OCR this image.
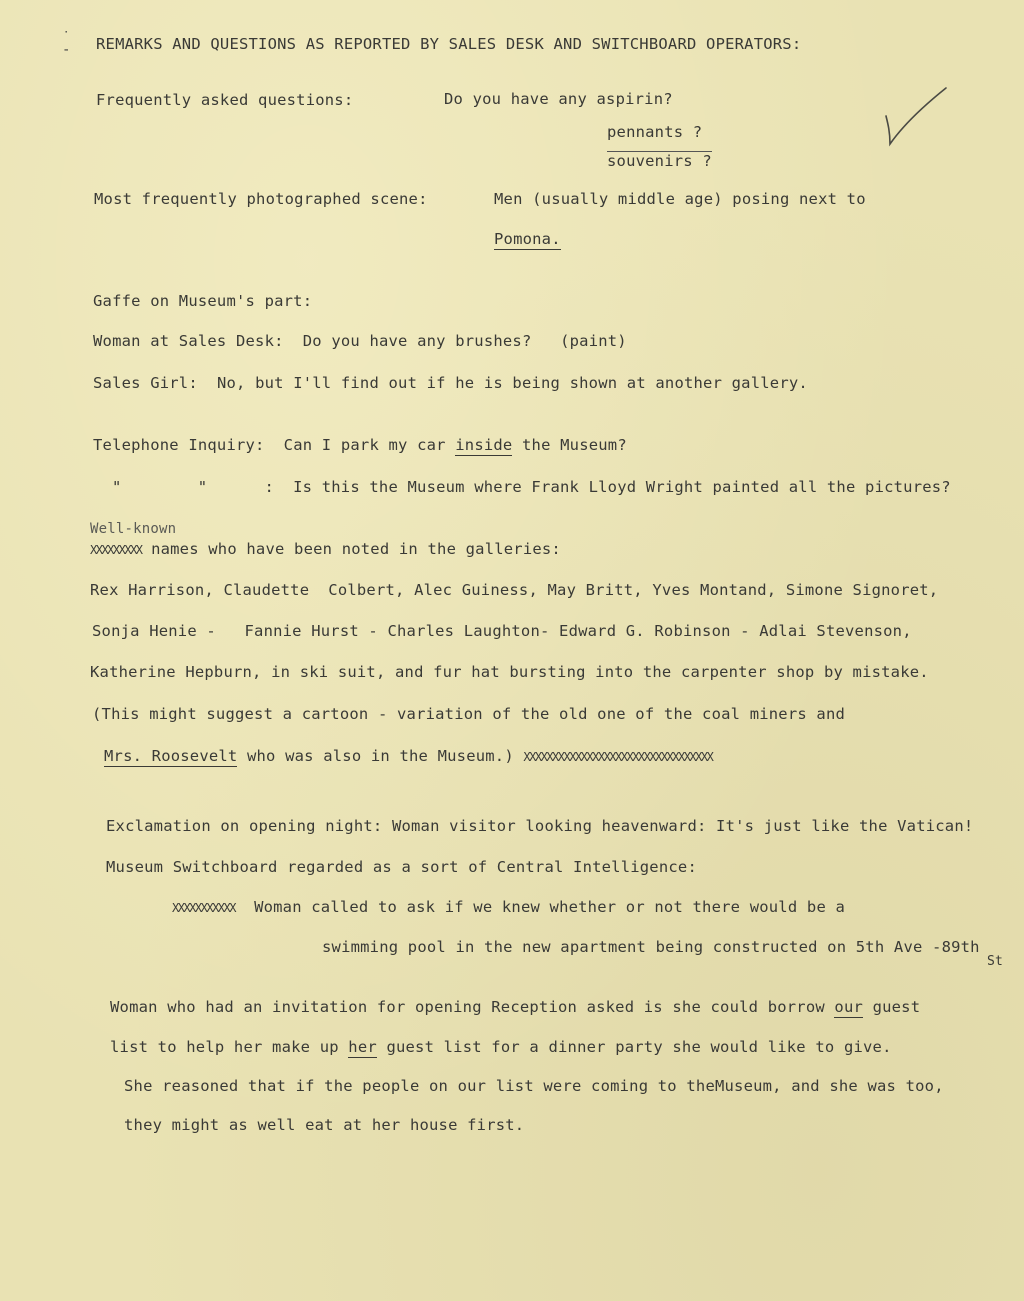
˙
- REMARKS AND QUESTIONS AS REPORTED BY SALES DESK AND SWITCHBOARD OPERATORS:
Frequently asked questions:	Do you have any aspirin?
pennants ?
souvenirs ?
Most frequently photographed scene:	Men (usually middle age) posing next to
Pomona.
Gaffe on Museum's part:
Woman at Sales Desk: Do you have any brushes? (paint)
Sales Girl: No, but I'll find out if he is being shown at another gallery.
Telephone Inquiry: Can I park my car inside the Museum?
"        "      : Is this the Museum where Frank Lloyd Wright painted all the pictures?
Well-known
XXXXXXXXX names who have been noted in the galleries:
Rex Harrison, Claudette  Colbert, Alec Guiness, May Britt, Yves Montand, Simone Signoret,
Sonja Henie -   Fannie Hurst - Charles Laughton- Edward G. Robinson - Adlai Stevenson,
Katherine Hepburn, in ski suit, and fur hat bursting into the carpenter shop by mistake.
(This might suggest a cartoon - variation of the old one of the coal miners and
Mrs. Roosevelt who was also in the Museum.) XXXXXXXXXXXXXXXXXXXXXXXXXXXXXXXXX
Exclamation on opening night: Woman visitor looking heavenward: It's just like the Vatican!
Museum Switchboard regarded as a sort of Central Intelligence:
XXXXXXXXXXX Woman called to ask if we knew whether or not there would be a
swimming pool in the new apartment being constructed on 5th Ave -89th
St
Woman who had an invitation for opening Reception asked is she could borrow our guest
list to help her make up her guest list for a dinner party she would like to give.
She reasoned that if the people on our list were coming to theMuseum, and she was too,
they might as well eat at her house first.
